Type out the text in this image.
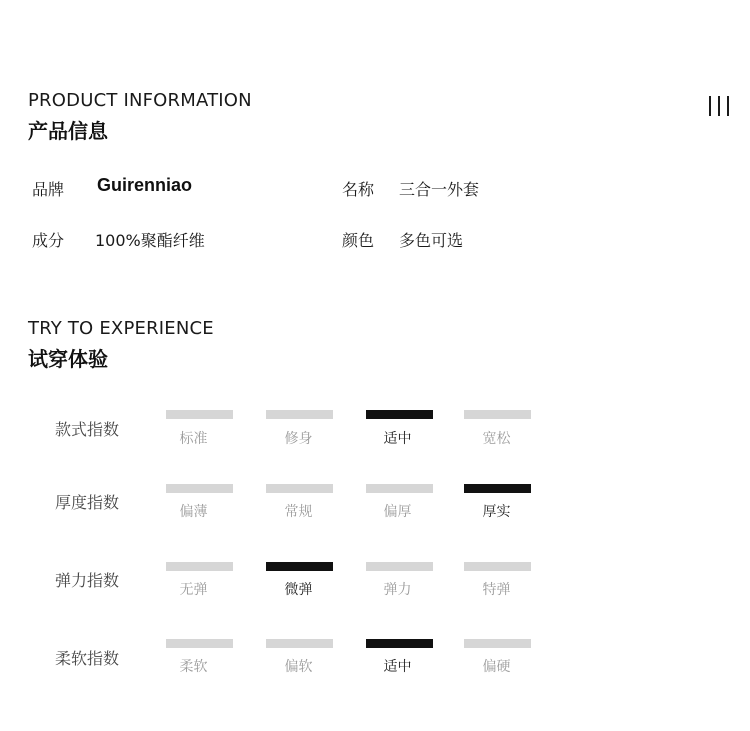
PRODUCT INFORMATION
产品信息
品牌 Guirenniao	名称 三合一外套
成分 100%聚酯纤维	颜色 多色可选
TRY TO EXPERIENCE
试穿体验
款式指数	标准	修身	适中	宽松
厚度指数	偏薄	常规	偏厚	厚实
弹力指数	无弹	微弹	弹力	特弹
柔软指数	柔软	偏软	适中	偏硬
